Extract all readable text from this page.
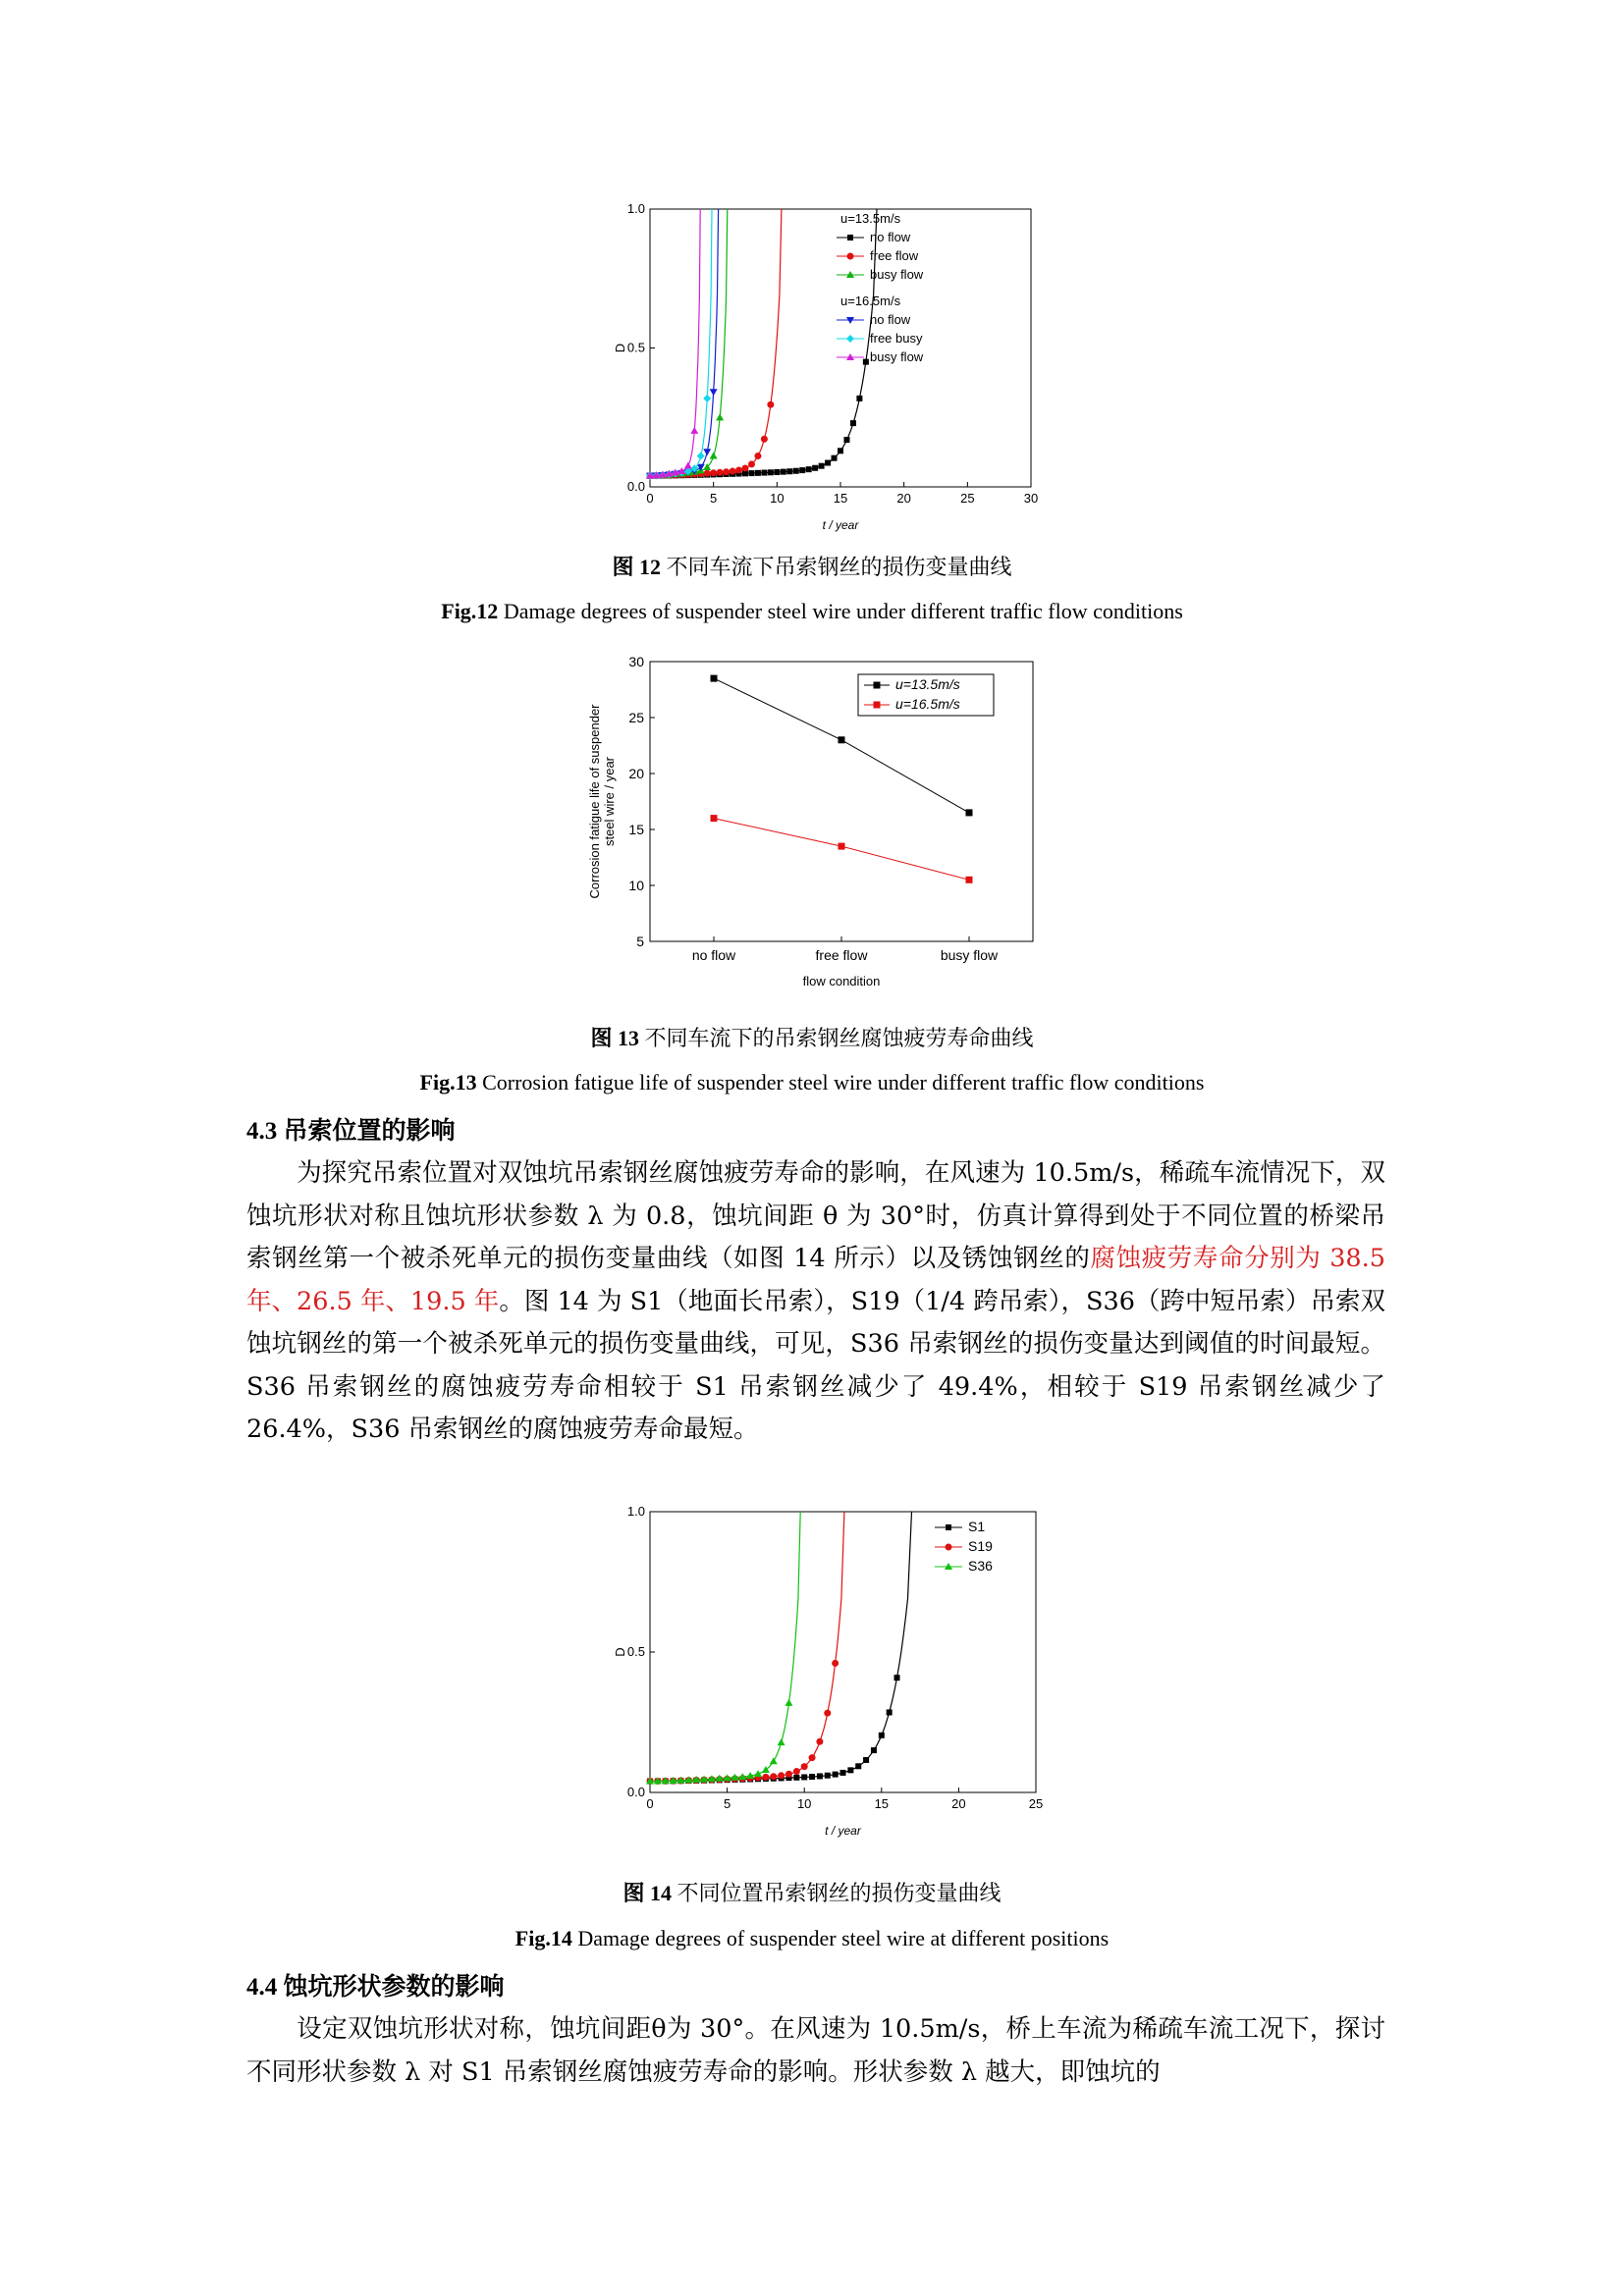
0	5	10	15	20	25	30
0.0
0.5
1.0
t / year
D
u=13.5m/s
no flow
free flow
busy flow
u=16.5m/s
no flow
free busy
busy flow
图 12 不同车流下吊索钢丝的损伤变量曲线
Fig.12 Damage degrees of suspender steel wire under different traffic flow conditions
5
10
15
20
25
30
no flow	free flow	busy flow
flow condition
Corrosion fatigue life of suspender steel wire / year
u=13.5m/s
u=16.5m/s
图 13 不同车流下的吊索钢丝腐蚀疲劳寿命曲线
Fig.13 Corrosion fatigue life of suspender steel wire under different traffic flow conditions
4.3 吊索位置的影响
为探究吊索位置对双蚀坑吊索钢丝腐蚀疲劳寿命的影响，在风速为 10.5m/s，稀疏车流情况下，双蚀坑形状对称且蚀坑形状参数 λ 为 0.8，蚀坑间距 θ 为 30°时，仿真计算得到处于不同位置的桥梁吊索钢丝第一个被杀死单元的损伤变量曲线（如图 14 所示）以及锈蚀钢丝的腐蚀疲劳寿命分别为 38.5 年、26.5 年、19.5 年。图 14 为 S1（地面长吊索），S19（1/4 跨吊索），S36（跨中短吊索）吊索双蚀坑钢丝的第一个被杀死单元的损伤变量曲线，可见，S36 吊索钢丝的损伤变量达到阈值的时间最短。S36 吊索钢丝的腐蚀疲劳寿命相较于 S1 吊索钢丝减少了 49.4%，相较于 S19 吊索钢丝减少了 26.4%，S36 吊索钢丝的腐蚀疲劳寿命最短。
0	5	10	15	20	25
0.0
0.5
1.0
t / year
D
S1
S19
S36
图 14 不同位置吊索钢丝的损伤变量曲线
Fig.14 Damage degrees of suspender steel wire at different positions
4.4 蚀坑形状参数的影响
设定双蚀坑形状对称，蚀坑间距θ为 30°。在风速为 10.5m/s，桥上车流为稀疏车流工况下，探讨不同形状参数 λ 对 S1 吊索钢丝腐蚀疲劳寿命的影响。形状参数 λ 越大，即蚀坑的
